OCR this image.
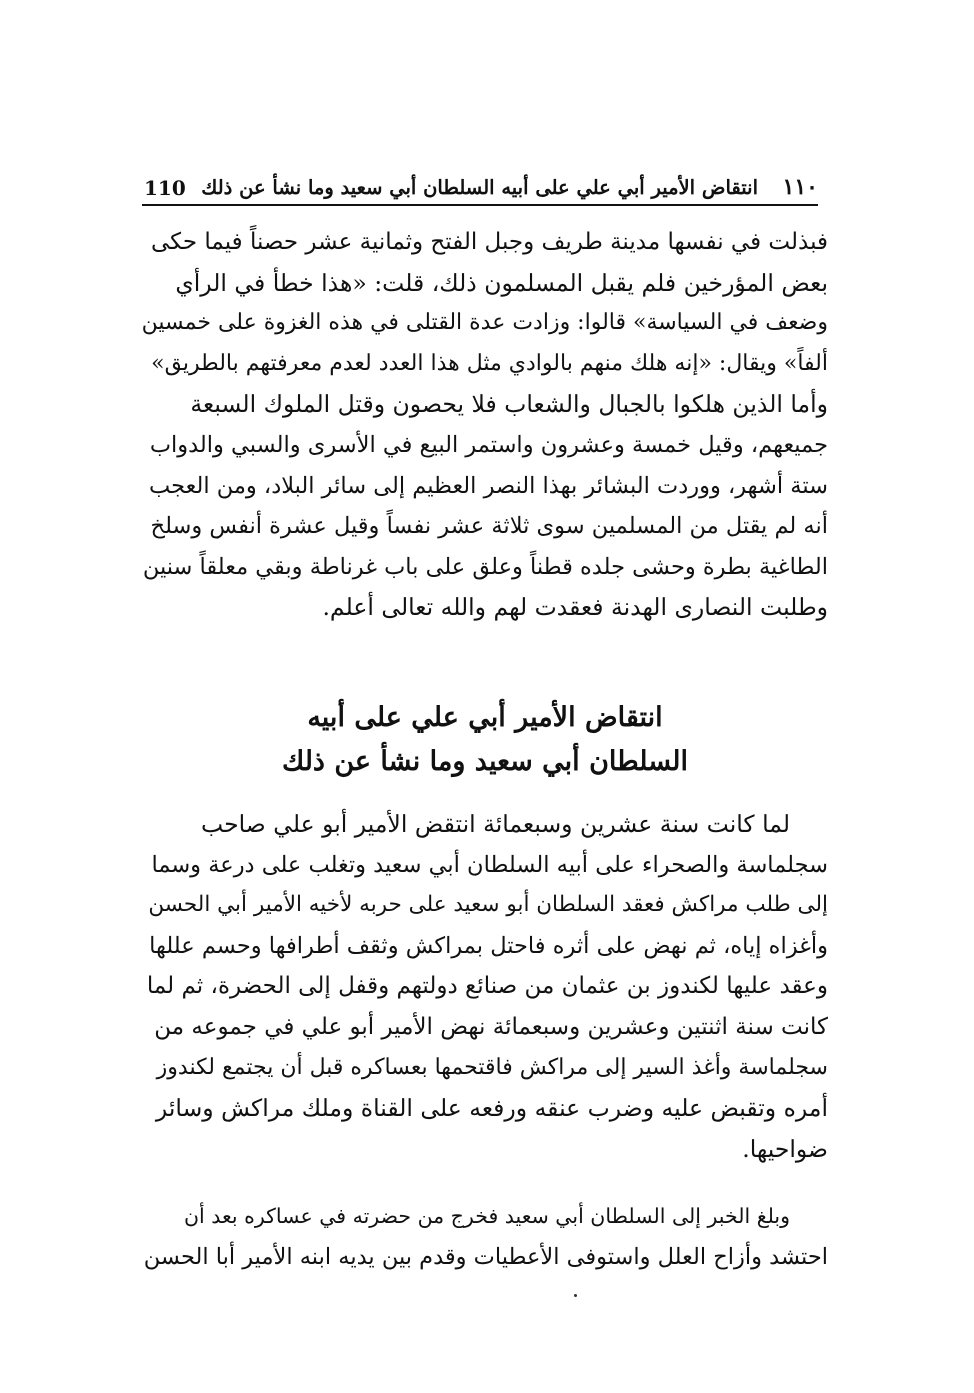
١١٠
انتقاض الأمير أبي علي على أبيه السلطان أبي سعيد وما نشأ عن ذلك
110
فبذلت في نفسها مدينة طريف وجبل الفتح وثمانية عشر حصناً فيما حكى
بعض المؤرخين فلم يقبل المسلمون ذلك، قلت: «هذا خطأ في الرأي
وضعف في السياسة» قالوا: وزادت عدة القتلى في هذه الغزوة على خمسين
ألفاً» ويقال: «إنه هلك منهم بالوادي مثل هذا العدد لعدم معرفتهم بالطريق»
وأما الذين هلكوا بالجبال والشعاب فلا يحصون وقتل الملوك السبعة
جميعهم، وقيل خمسة وعشرون واستمر البيع في الأسرى والسبي والدواب
ستة أشهر، ووردت البشائر بهذا النصر العظيم إلى سائر البلاد، ومن العجب
أنه لم يقتل من المسلمين سوى ثلاثة عشر نفساً وقيل عشرة أنفس وسلخ
الطاغية بطرة وحشى جلده قطناً وعلق على باب غرناطة وبقي معلقاً سنين
وطلبت النصارى الهدنة فعقدت لهم والله تعالى أعلم.
انتقاض الأمير أبي علي على أبيه
السلطان أبي سعيد وما نشأ عن ذلك
لما كانت سنة عشرين وسبعمائة انتقض الأمير أبو علي صاحب
سجلماسة والصحراء على أبيه السلطان أبي سعيد وتغلب على درعة وسما
إلى طلب مراكش فعقد السلطان أبو سعيد على حربه لأخيه الأمير أبي الحسن
وأغزاه إياه، ثم نهض على أثره فاحتل بمراكش وثقف أطرافها وحسم عللها
وعقد عليها لكندوز بن عثمان من صنائع دولتهم وقفل إلى الحضرة، ثم لما
كانت سنة اثنتين وعشرين وسبعمائة نهض الأمير أبو علي في جموعه من
سجلماسة وأغذ السير إلى مراكش فاقتحمها بعساكره قبل أن يجتمع لكندوز
أمره وتقبض عليه وضرب عنقه ورفعه على القناة وملك مراكش وسائر
ضواحيها.
وبلغ الخبر إلى السلطان أبي سعيد فخرج من حضرته في عساكره بعد أن
احتشد وأزاح العلل واستوفى الأعطيات وقدم بين يديه ابنه الأمير أبا الحسن
